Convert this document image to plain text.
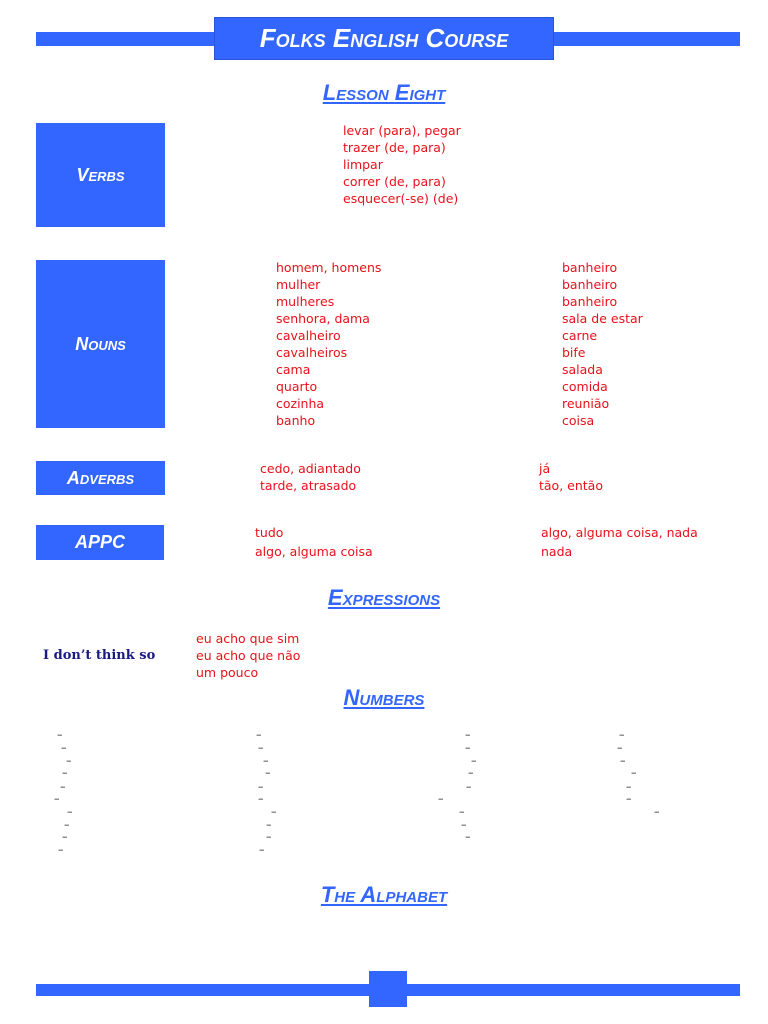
Folks English Course
Lesson Eight
Verbs
levar (para), pegar
trazer (de, para)
limpar
correr (de, para)
esquecer(-se) (de)
Nouns
homem, homens
mulher
mulheres
senhora, dama
cavalheiro
cavalheiros
cama
quarto
cozinha
banho
banheiro
banheiro
banheiro
sala de estar
carne
bife
salada
comida
reunião
coisa
Adverbs	cedo, adiantado
tarde, atrasado
já
tão, então
APPC	tudo
algo, alguma coisa
algo, alguma coisa, nada
nada
Expressions
I don’t think so
eu acho que sim
eu acho que não
um pouco
Numbers
–
–
–
–
–
–
–
–
–
–
–
–
–
–
–
–
–
–
–
–
–
–
–
–
–
–
–
–
–
–
–
–
–
–
–
–
The Alphabet
